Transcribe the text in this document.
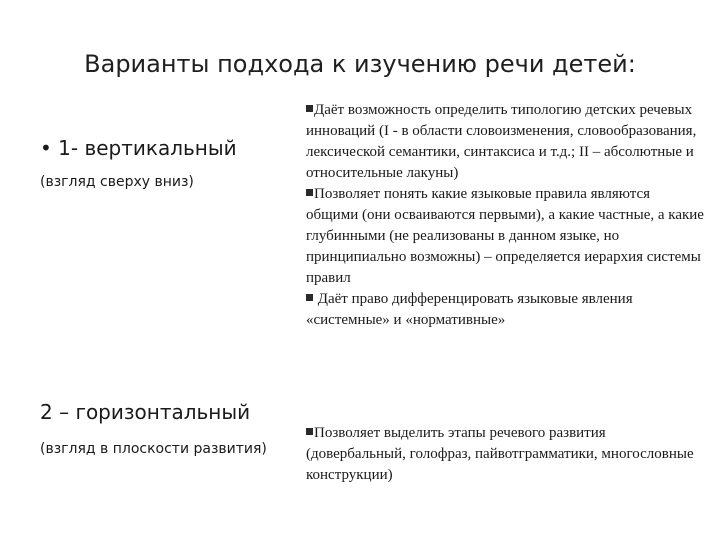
Варианты подхода к изучению речи детей:
• 1- вертикальный
(взгляд сверху вниз)

Даёт возможность определить типологию детских речевых инноваций (I - в области словоизменения, словообразования, лексической семантики, синтаксиса и т.д.; II – абсолютные и относительные лакуны)

Позволяет понять какие языковые правила являются общими (они осваиваются первыми), а какие частные, а какие глубинными (не реализованы в данном языке, но принципиально возможны) – определяется иерархия системы правил

Даёт право дифференцировать языковые явления «системные» и «нормативные»

2 – горизонтальный
(взгляд в плоскости развития)

Позволяет выделить этапы речевого развития (довербальный, голофраз, пайвотграмматики, многословные конструкции)
